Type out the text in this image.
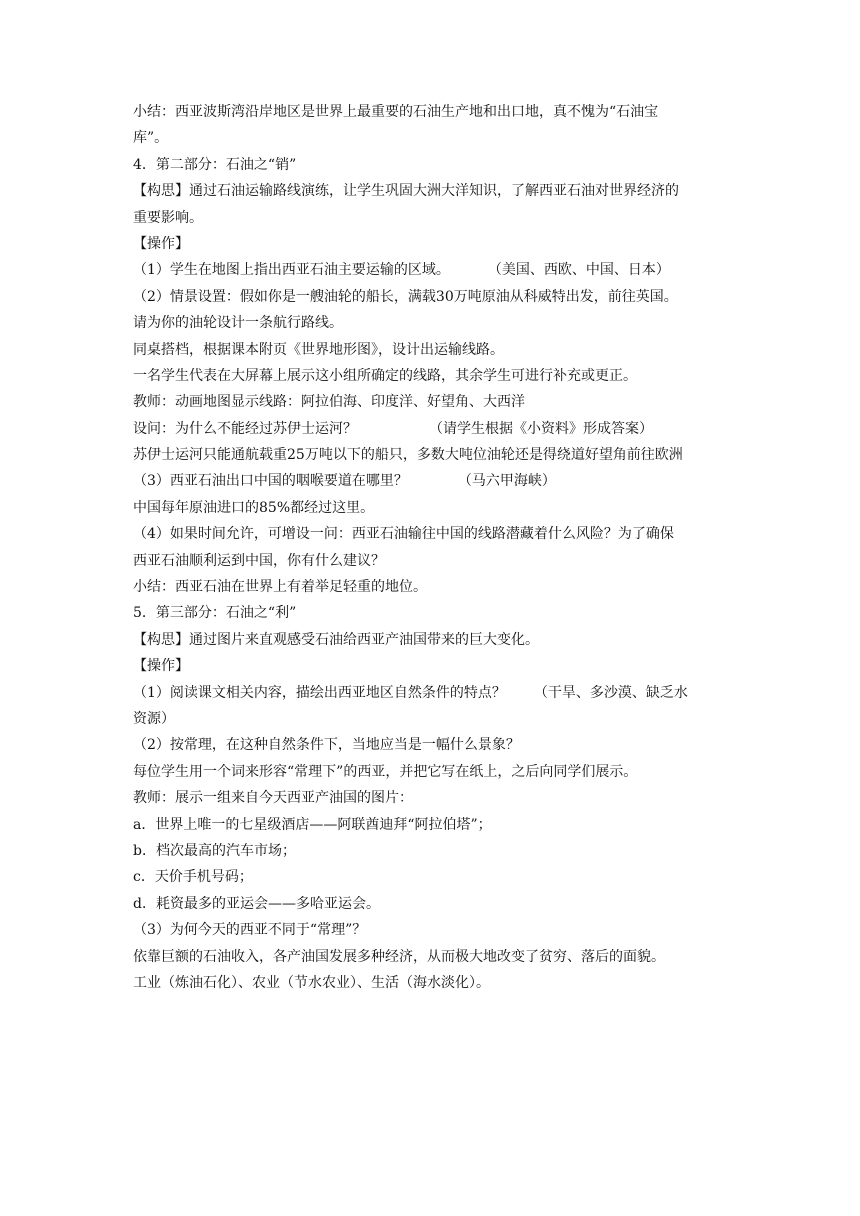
小结：西亚波斯湾沿岸地区是世界上最重要的石油生产地和出口地，真不愧为“石油宝
库”。
4．第二部分：石油之“销”
【构思】通过石油运输路线演练，让学生巩固大洲大洋知识，了解西亚石油对世界经济的
重要影响。
【操作】
（1）学生在地图上指出西亚石油主要运输的区域。	（美国、西欧、中国、日本）
（2）情景设置：假如你是一艘油轮的船长，满载30万吨原油从科威特出发，前往英国。
请为你的油轮设计一条航行路线。
同桌搭档，根据课本附页《世界地形图》，设计出运输线路。
一名学生代表在大屏幕上展示这小组所确定的线路，其余学生可进行补充或更正。
教师：动画地图显示线路：阿拉伯海、印度洋、好望角、大西洋
设问：为什么不能经过苏伊士运河？	（请学生根据《小资料》形成答案）
苏伊士运河只能通航载重25万吨以下的船只，多数大吨位油轮还是得绕道好望角前往欧洲
（3）西亚石油出口中国的咽喉要道在哪里？	（马六甲海峡）
中国每年原油进口的85%都经过这里。
（4）如果时间允许，可增设一问：西亚石油输往中国的线路潜藏着什么风险？为了确保
西亚石油顺利运到中国，你有什么建议？
小结：西亚石油在世界上有着举足轻重的地位。
5．第三部分：石油之“利”
【构思】通过图片来直观感受石油给西亚产油国带来的巨大变化。
【操作】
（1）阅读课文相关内容，描绘出西亚地区自然条件的特点？ （干旱、多沙漠、缺乏水
资源）
（2）按常理，在这种自然条件下，当地应当是一幅什么景象？
每位学生用一个词来形容“常理下”的西亚，并把它写在纸上，之后向同学们展示。
教师：展示一组来自今天西亚产油国的图片：
a．世界上唯一的七星级酒店——阿联酋迪拜“阿拉伯塔”；
b．档次最高的汽车市场；
c．天价手机号码；
d．耗资最多的亚运会——多哈亚运会。
（3）为何今天的西亚不同于“常理”？
依靠巨额的石油收入，各产油国发展多种经济，从而极大地改变了贫穷、落后的面貌。
工业（炼油石化）、农业（节水农业）、生活（海水淡化）。
